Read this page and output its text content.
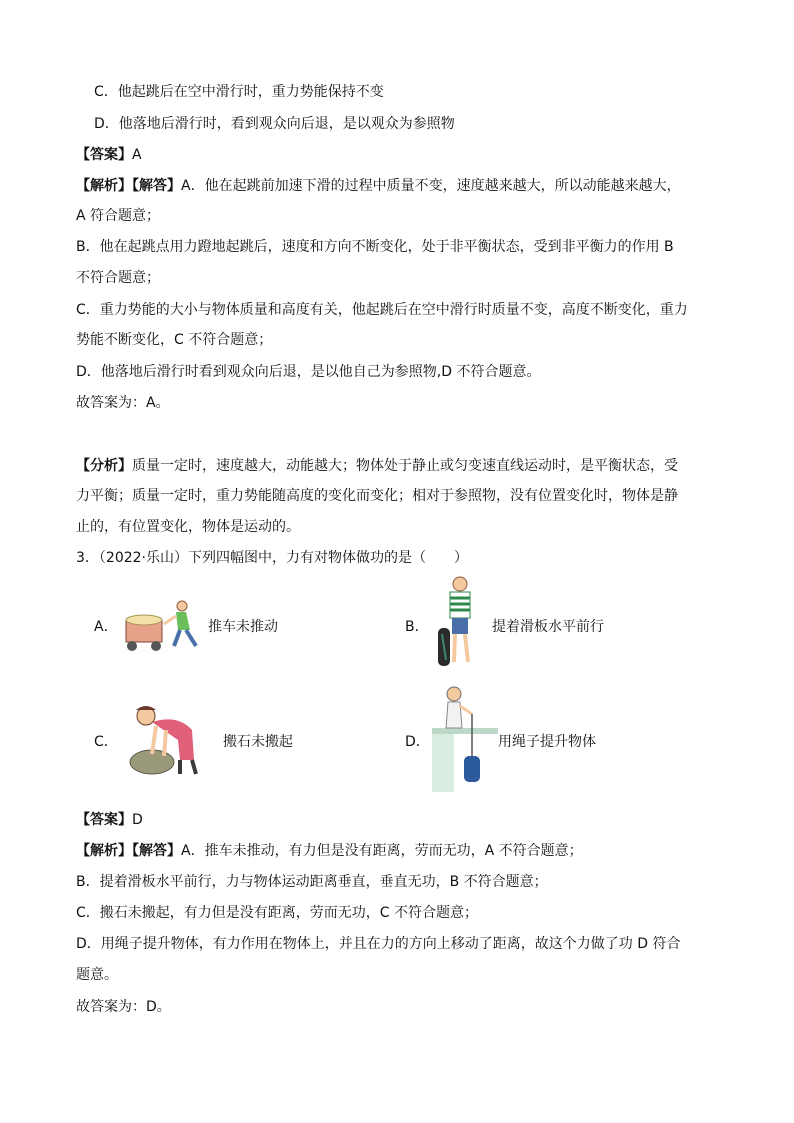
C．他起跳后在空中滑行时，重力势能保持不变
D．他落地后滑行时，看到观众向后退，是以观众为参照物
【答案】A
【解析】【解答】A．他在起跳前加速下滑的过程中质量不变，速度越来越大，所以动能越来越大，
A 符合题意；
B．他在起跳点用力蹬地起跳后，速度和方向不断变化，处于非平衡状态，受到非平衡力的作用 B
不符合题意；
C．重力势能的大小与物体质量和高度有关，他起跳后在空中滑行时质量不变，高度不断变化，重力
势能不断变化，C 不符合题意；
D．他落地后滑行时看到观众向后退，是以他自己为参照物,D 不符合题意。
故答案为：A。
【分析】质量一定时，速度越大，动能越大；物体处于静止或匀变速直线运动时，是平衡状态，受
力平衡；质量一定时，重力势能随高度的变化而变化；相对于参照物，没有位置变化时，物体是静
止的，有位置变化，物体是运动的。
3．（2022·乐山）下列四幅图中，力有对物体做功的是（　　）
A．	推车未推动	B．	提着滑板水平前行
C．	搬石未搬起	D．	用绳子提升物体
【答案】D
【解析】【解答】A．推车未推动，有力但是没有距离，劳而无功，A 不符合题意；
B．提着滑板水平前行，力与物体运动距离垂直，垂直无功，B 不符合题意；
C．搬石未搬起，有力但是没有距离，劳而无功，C 不符合题意；
D．用绳子提升物体，有力作用在物体上，并且在力的方向上移动了距离，故这个力做了功 D 符合
题意。
故答案为：D。
